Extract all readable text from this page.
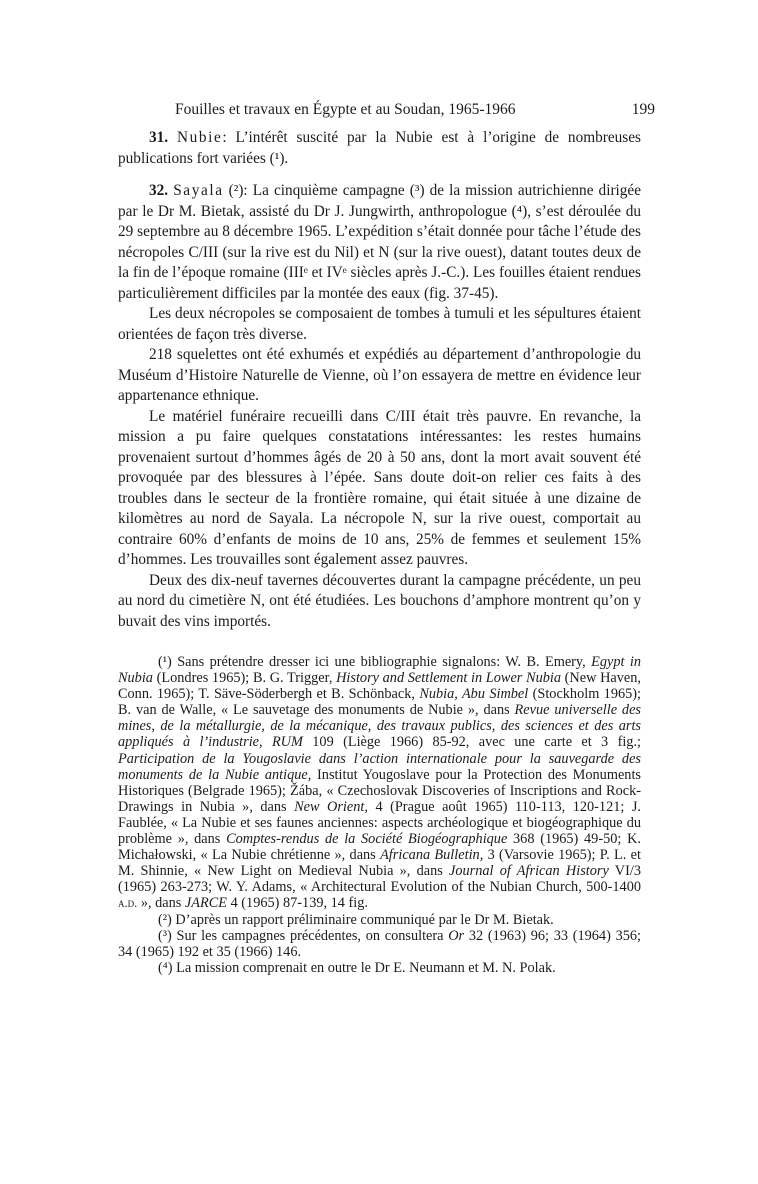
Fouilles et travaux en Égypte et au Soudan, 1965-1966	199

31. Nubie: L’intérêt suscité par la Nubie est à l’origine de nombreuses publications fort variées (¹).

32. Sayala (²): La cinquième campagne (³) de la mission autrichienne dirigée par le Dr M. Bietak, assisté du Dr J. Jungwirth, anthropologue (⁴), s’est déroulée du 29 septembre au 8 décembre 1965. L’expédition s’était donnée pour tâche l’étude des nécropoles C/III (sur la rive est du Nil) et N (sur la rive ouest), datant toutes deux de la fin de l’époque romaine (IIIᵉ et IVᵉ siècles après J.-C.). Les fouilles étaient rendues particulièrement difficiles par la montée des eaux (fig. 37-45).

Les deux nécropoles se composaient de tombes à tumuli et les sépultures étaient orientées de façon très diverse.

218 squelettes ont été exhumés et expédiés au département d’anthropologie du Muséum d’Histoire Naturelle de Vienne, où l’on essayera de mettre en évidence leur appartenance ethnique.

Le matériel funéraire recueilli dans C/III était très pauvre. En revanche, la mission a pu faire quelques constatations intéressantes: les restes humains provenaient surtout d’hommes âgés de 20 à 50 ans, dont la mort avait souvent été provoquée par des blessures à l’épée. Sans doute doit-on relier ces faits à des troubles dans le secteur de la frontière romaine, qui était située à une dizaine de kilomètres au nord de Sayala. La nécropole N, sur la rive ouest, comportait au contraire 60% d’enfants de moins de 10 ans, 25% de femmes et seulement 15% d’hommes. Les trouvailles sont également assez pauvres.

Deux des dix-neuf tavernes découvertes durant la campagne précédente, un peu au nord du cimetière N, ont été étudiées. Les bouchons d’amphore montrent qu’on y buvait des vins importés.

(¹) Sans prétendre dresser ici une bibliographie signalons: W. B. Emery, Egypt in Nubia (Londres 1965); B. G. Trigger, History and Settlement in Lower Nubia (New Haven, Conn. 1965); T. Säve-Söderbergh et B. Schönback, Nubia, Abu Simbel (Stockholm 1965); B. van de Walle, « Le sauvetage des monuments de Nubie », dans Revue universelle des mines, de la métallurgie, de la mécanique, des travaux publics, des sciences et des arts appliqués à l’industrie, RUM 109 (Liège 1966) 85-92, avec une carte et 3 fig.; Participation de la Yougoslavie dans l’action internationale pour la sauvegarde des monuments de la Nubie antique, Institut Yougoslave pour la Protection des Monuments Historiques (Belgrade 1965); Žába, « Czechoslovak Discoveries of Inscriptions and Rock-Drawings in Nubia », dans New Orient, 4 (Prague août 1965) 110-113, 120-121; J. Faublée, « La Nubie et ses faunes anciennes: aspects archéologique et biogéographique du problème », dans Comptes-rendus de la Société Biogéographique 368 (1965) 49-50; K. Michałowski, « La Nubie chrétienne », dans Africana Bulletin, 3 (Varsovie 1965); P. L. et M. Shinnie, « New Light on Medieval Nubia », dans Journal of African History VI/3 (1965) 263-273; W. Y. Adams, « Architectural Evolution of the Nubian Church, 500-1400 a.d. », dans JARCE 4 (1965) 87-139, 14 fig.

(²) D’après un rapport préliminaire communiqué par le Dr M. Bietak.

(³) Sur les campagnes précédentes, on consultera Or 32 (1963) 96; 33 (1964) 356; 34 (1965) 192 et 35 (1966) 146.

(⁴) La mission comprenait en outre le Dr E. Neumann et M. N. Polak.
